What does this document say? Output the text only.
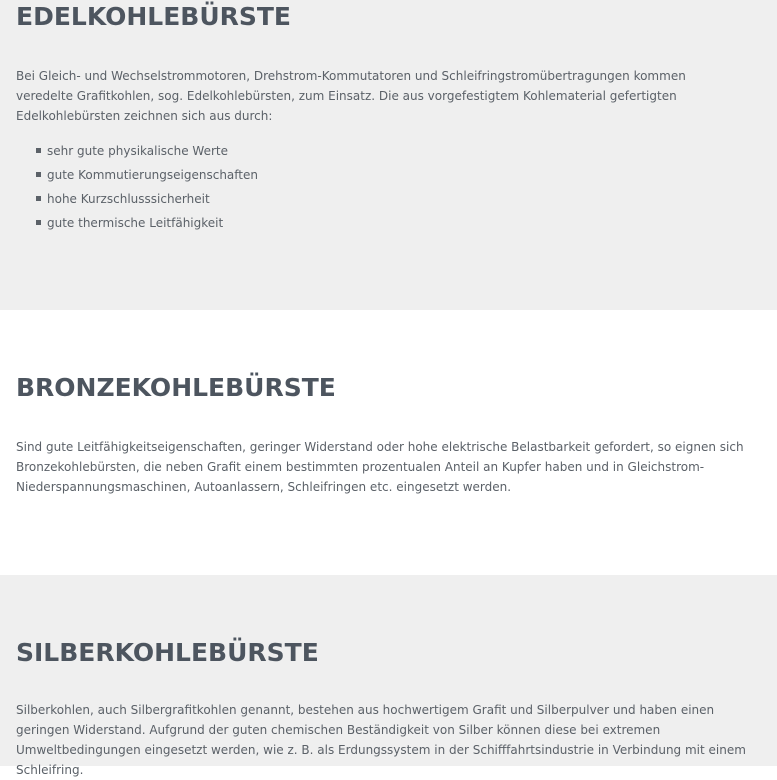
EDELKOHLEBÜRSTE

Bei Gleich- und Wechselstrommotoren, Drehstrom-Kommutatoren und Schleifringstromübertragungen kommen veredelte Grafitkohlen, sog. Edelkohlebürsten, zum Einsatz. Die aus vorgefestigtem Kohlematerial gefertigten Edelkohlebürsten zeichnen sich aus durch:

sehr gute physikalische Werte
gute Kommutierungseigenschaften
hohe Kurzschlusssicherheit
gute thermische Leitfähigkeit
BRONZEKOHLEBÜRSTE

Sind gute Leitfähigkeitseigenschaften, geringer Widerstand oder hohe elektrische Belastbarkeit gefordert, so eignen sich Bronzekohlebürsten, die neben Grafit einem bestimmten prozentualen Anteil an Kupfer haben und in Gleichstrom-Niederspannungsmaschinen, Autoanlassern, Schleifringen etc. eingesetzt werden.

SILBERKOHLEBÜRSTE

Silberkohlen, auch Silbergrafitkohlen genannt, bestehen aus hochwertigem Grafit und Silberpulver und haben einen geringen Widerstand. Aufgrund der guten chemischen Beständigkeit von Silber können diese bei extremen Umweltbedingungen eingesetzt werden, wie z. B. als Erdungssystem in der Schifffahrtsindustrie in Verbindung mit einem Schleifring.
